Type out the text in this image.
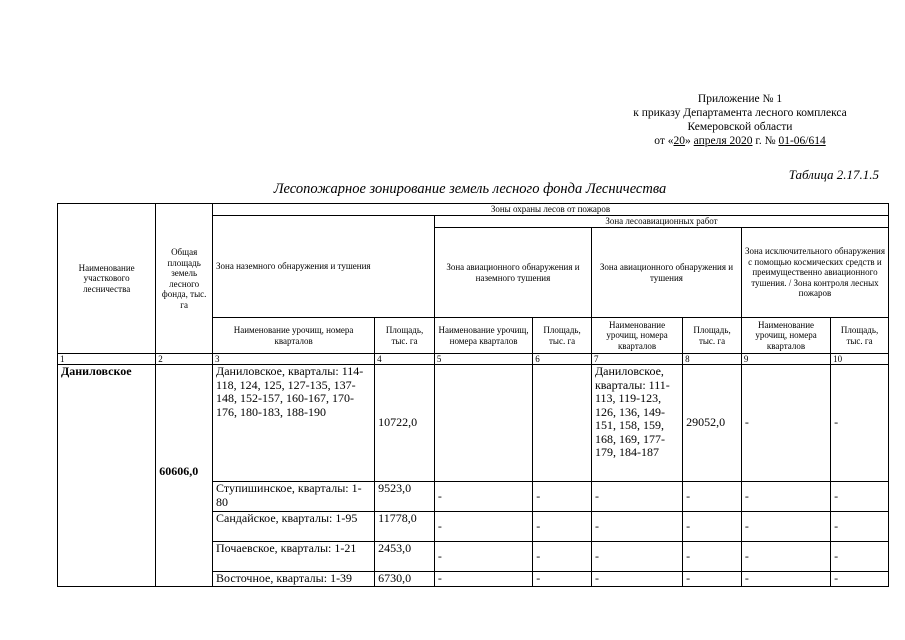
Приложение № 1
к приказу Департамента лесного комплекса
Кемеровской области
от «20» апреля 2020 г. № 01-06/614
Таблица 2.17.1.5
Лесопожарное зонирование земель лесного фонда Лесничества
Наименование участкового лесничества	Общая площадь земель лесного фонда, тыс. га	Зоны охраны лесов от пожаров							
		Зона наземного обнаружения и тушения		Зона лесоавиационных работ					
				Зона авиационного обнаружения и наземного тушения		Зона авиационного обнаружения и тушения		Зона исключительного обнаружения с помощью космических средств и преимущественно авиационного тушения. / Зона контроля лесных пожаров	
		Наименование урочищ, номера кварталов	Площадь, тыс. га	Наименование урочищ, номера кварталов	Площадь, тыс. га	Наименование урочищ, номера кварталов	Площадь, тыс. га	Наименование урочищ, номера кварталов	Площадь, тыс. га
1	2	3	4	5	6	7	8	9	10
Даниловское	60606,0	Даниловское, кварталы: 114-118, 124, 125, 127-135, 137-148, 152-157, 160-167, 170-176, 180-183, 188-190	10722,0			Даниловское, кварталы: 111-113, 119-123, 126, 136, 149-151, 158, 159, 168, 169, 177-179, 184-187	29052,0	-	-
		Ступишинское, кварталы: 1-80	9523,0	-	-	-	-	-	-
		Сандайское, кварталы: 1-95	11778,0	-	-	-	-	-	-
		Почаевское, кварталы: 1-21	2453,0	-	-	-	-	-	-
		Восточное, кварталы: 1-39	6730,0	-	-	-	-	-	-
